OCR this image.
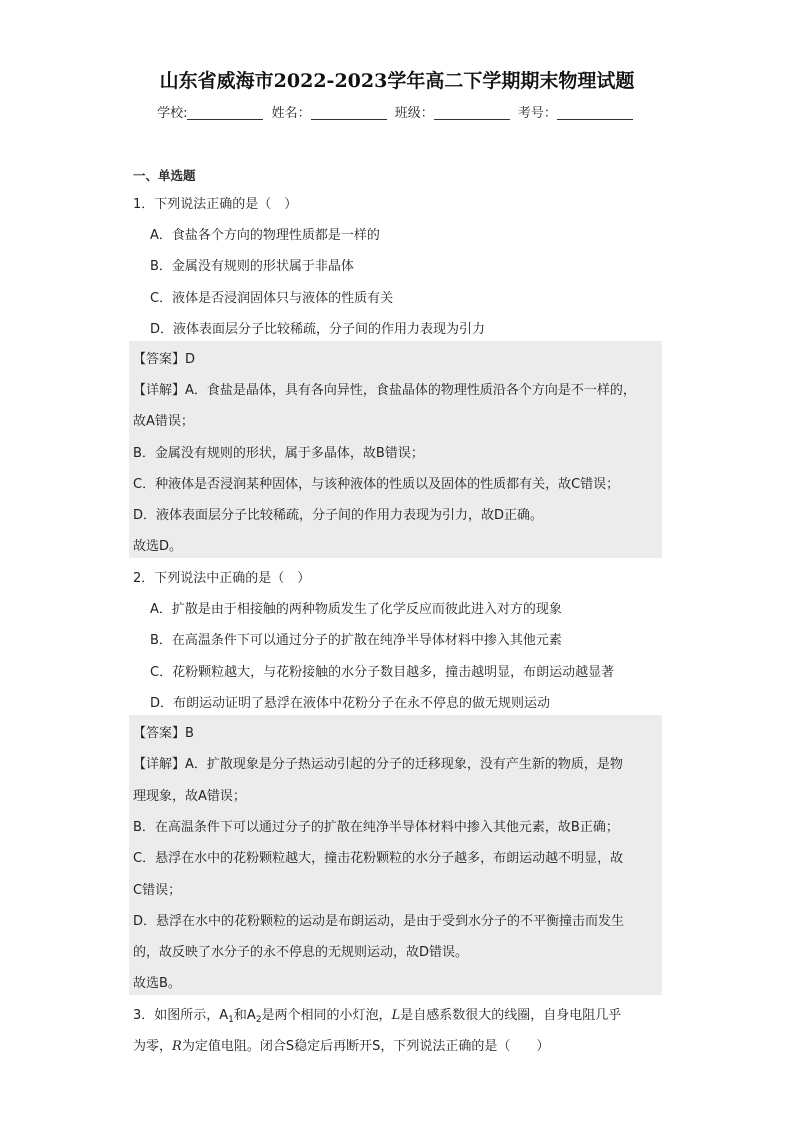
山东省威海市2022-2023学年高二下学期期末物理试题
学校:	姓名：	班级：	考号：
一、单选题
1．下列说法正确的是（　）
A．食盐各个方向的物理性质都是一样的
B．金属没有规则的形状属于非晶体
C．液体是否浸润固体只与液体的性质有关
D．液体表面层分子比较稀疏，分子间的作用力表现为引力
【答案】D
【详解】A．食盐是晶体，具有各向异性，食盐晶体的物理性质沿各个方向是不一样的，
故A错误；
B．金属没有规则的形状，属于多晶体，故B错误；
C．种液体是否浸润某种固体，与该种液体的性质以及固体的性质都有关，故C错误；
D．液体表面层分子比较稀疏，分子间的作用力表现为引力，故D正确。
故选D。
2．下列说法中正确的是（　）
A．扩散是由于相接触的两种物质发生了化学反应而彼此进入对方的现象
B．在高温条件下可以通过分子的扩散在纯净半导体材料中掺入其他元素
C．花粉颗粒越大，与花粉接触的水分子数目越多，撞击越明显，布朗运动越显著
D．布朗运动证明了悬浮在液体中花粉分子在永不停息的做无规则运动
【答案】B
【详解】A．扩散现象是分子热运动引起的分子的迁移现象，没有产生新的物质，是物
理现象，故A错误；
B．在高温条件下可以通过分子的扩散在纯净半导体材料中掺入其他元素，故B正确；
C．悬浮在水中的花粉颗粒越大，撞击花粉颗粒的水分子越多，布朗运动越不明显，故
C错误；
D．悬浮在水中的花粉颗粒的运动是布朗运动，是由于受到水分子的不平衡撞击而发生
的，故反映了水分子的永不停息的无规则运动，故D错误。
故选B。
3．如图所示，$A_1$和$A_2$是两个相同的小灯泡，L是自感系数很大的线圈，自身电阻几乎
为零，R为定值电阻。闭合S稳定后再断开S，下列说法正确的是（　　）
